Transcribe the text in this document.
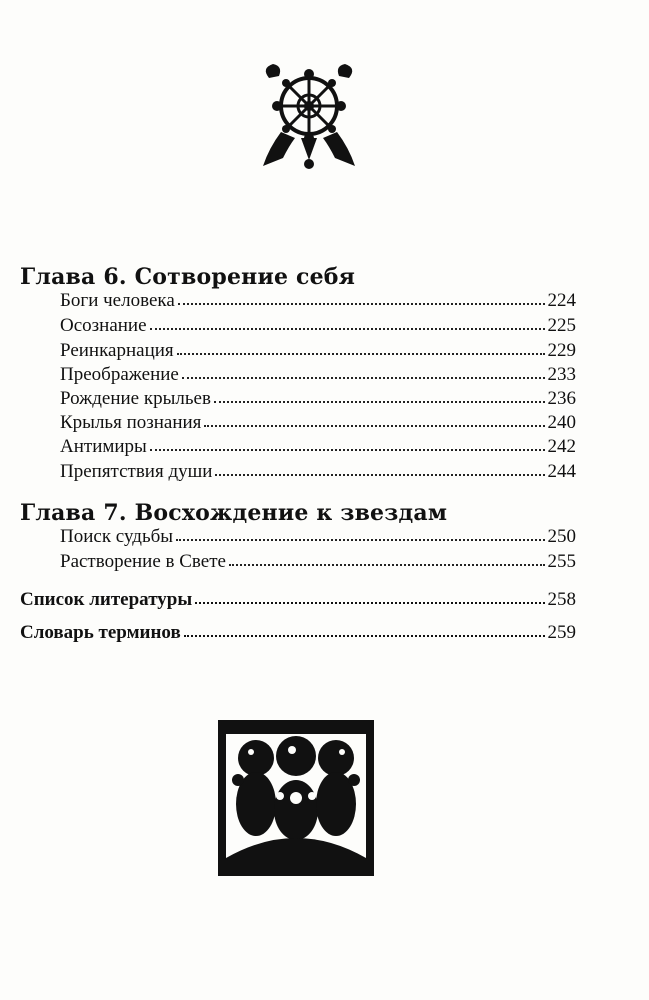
Глава 6. Сотворение себя
Боги человека	224
Осознание	225
Реинкарнация	229
Преображение	233
Рождение крыльев	236
Крылья познания	240
Антимиры	242
Препятствия души	244
Глава 7. Восхождение к звездам
Поиск судьбы	250
Растворение в Свете	255
Список литературы	258
Словарь терминов	259
